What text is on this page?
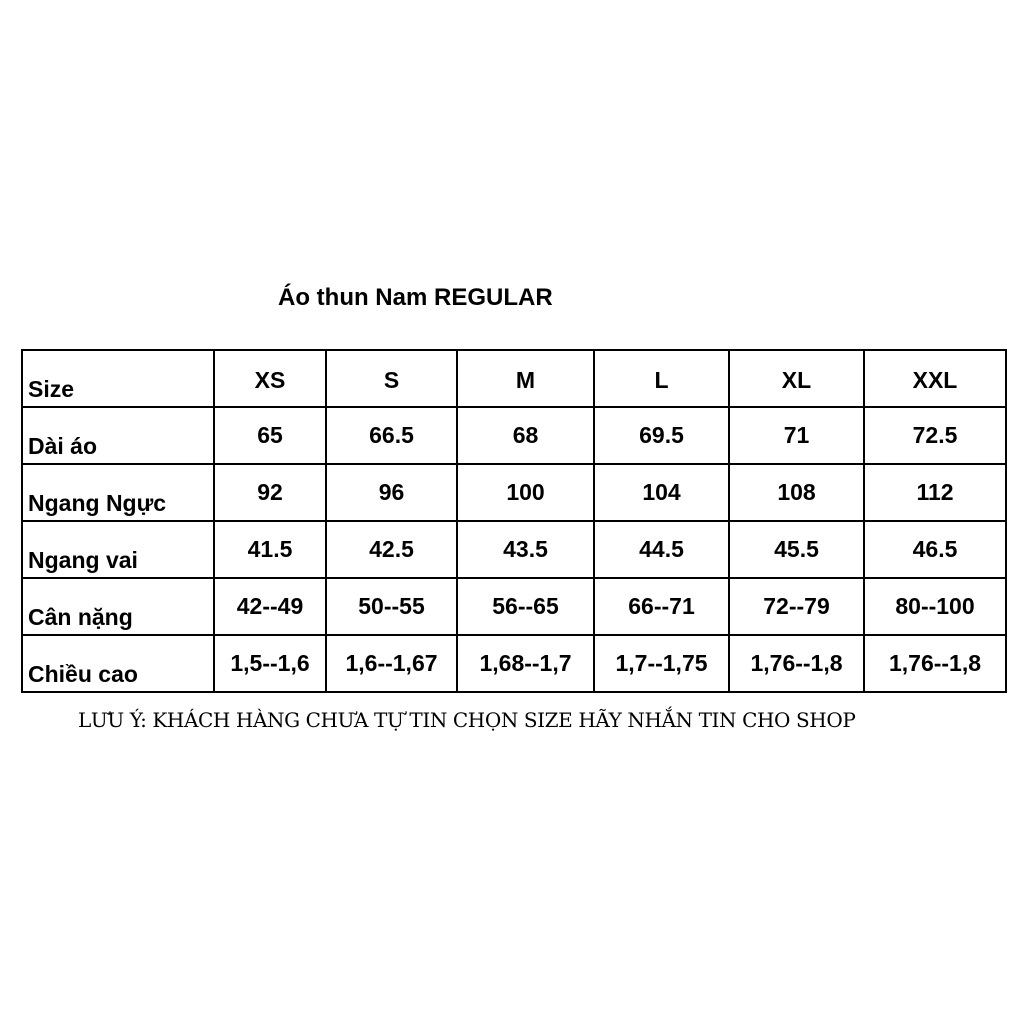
Áo thun Nam REGULAR
Size	XS	S	M	L	XL	XXL
Dài áo	65	66.5	68	69.5	71	72.5
Ngang Ngực	92	96	100	104	108	112
Ngang vai	41.5	42.5	43.5	44.5	45.5	46.5
Cân nặng	42--49	50--55	56--65	66--71	72--79	80--100
Chiều cao	1,5--1,6	1,6--1,67	1,68--1,7	1,7--1,75	1,76--1,8	1,76--1,8

LƯU Ý: KHÁCH HÀNG CHƯA TỰ TIN CHỌN SIZE HÃY NHẮN TIN CHO SHOP
